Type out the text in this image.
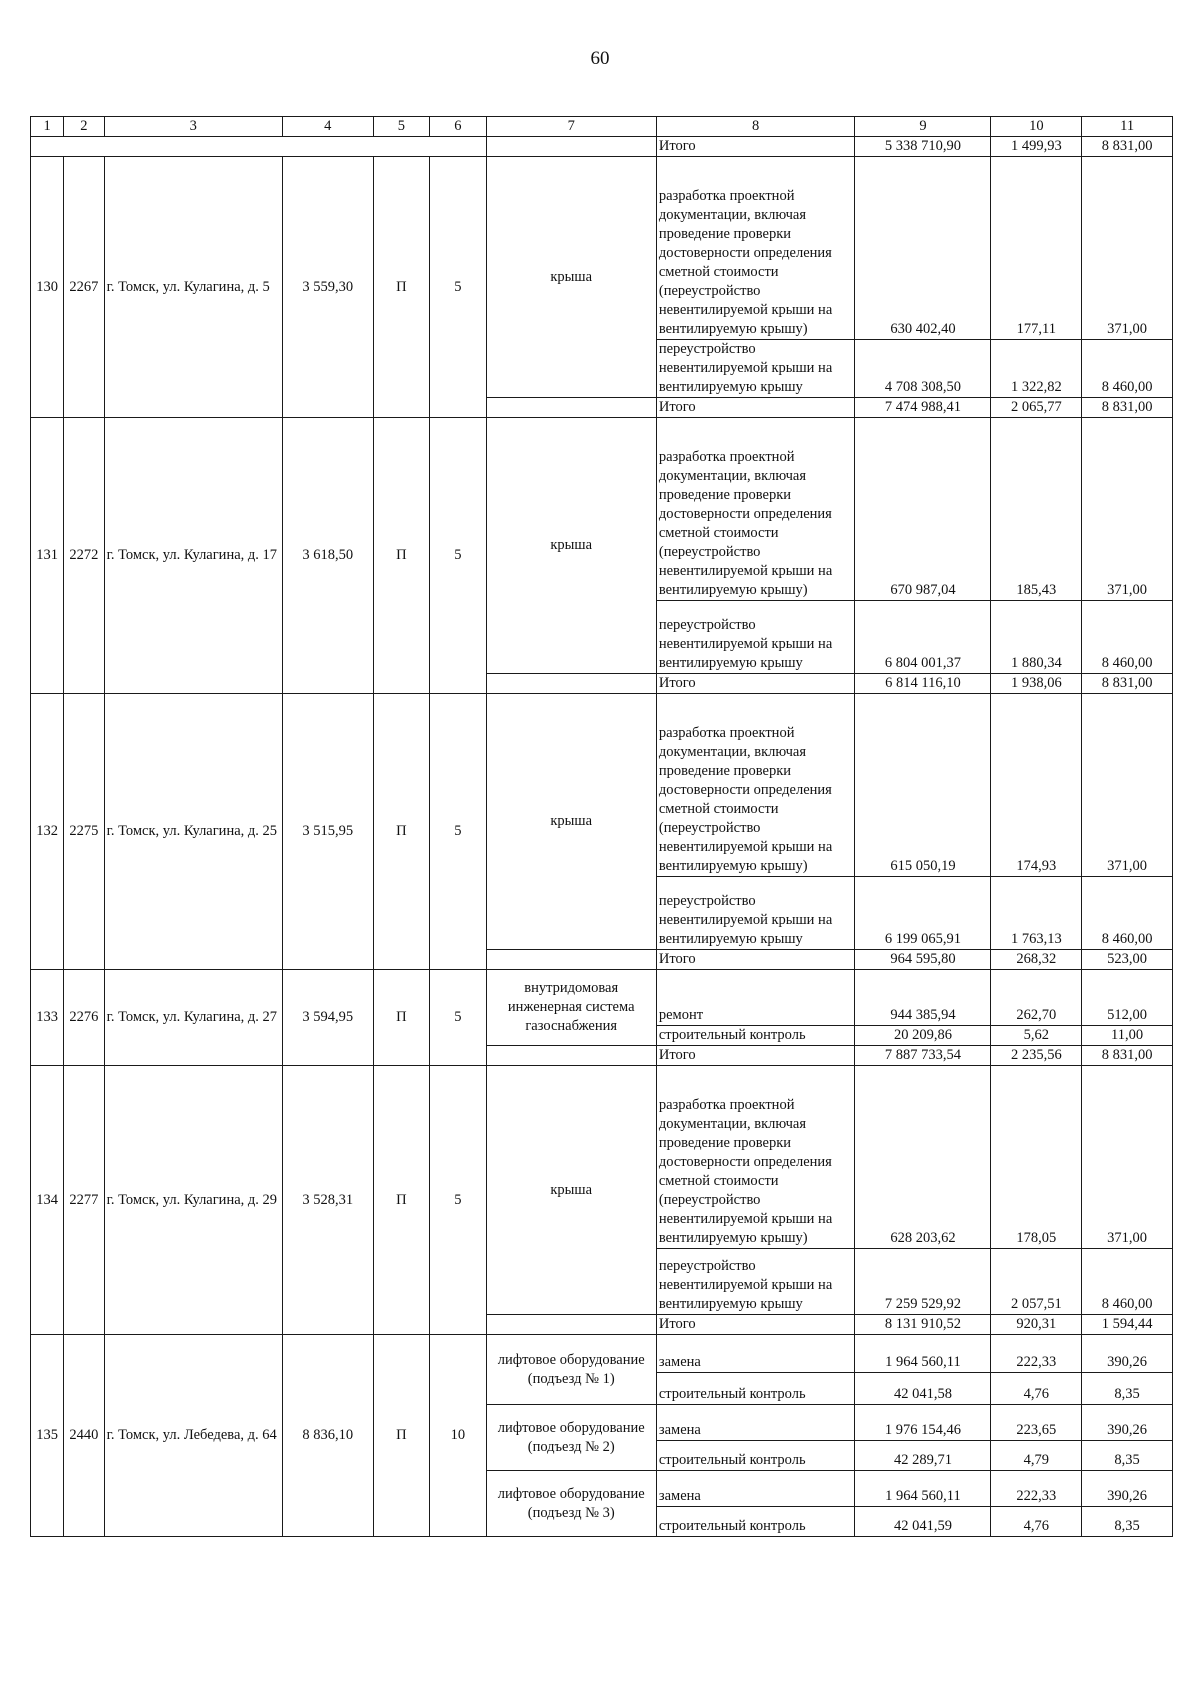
60
1	2	3	4	5	6	7	8	9	10	11
							Итого	5 338 710,90	1 499,93	8 831,00
130	2267	г. Томск, ул. Кулагина, д. 5	3 559,30	П	5	крыша	разработка проектной документации, включая проведение проверки достоверности определения сметной стоимости (переустройство невентилируемой крыши на вентилируемую крышу)	630 402,40	177,11	371,00
							переустройство невентилируемой крыши на вентилируемую крышу	4 708 308,50	1 322,82	8 460,00
							Итого	7 474 988,41	2 065,77	8 831,00
131	2272	г. Томск, ул. Кулагина, д. 17	3 618,50	П	5	крыша	разработка проектной документации, включая проведение проверки достоверности определения сметной стоимости (переустройство невентилируемой крыши на вентилируемую крышу)	670 987,04	185,43	371,00
							переустройство невентилируемой крыши на вентилируемую крышу	6 804 001,37	1 880,34	8 460,00
							Итого	6 814 116,10	1 938,06	8 831,00
132	2275	г. Томск, ул. Кулагина, д. 25	3 515,95	П	5	крыша	разработка проектной документации, включая проведение проверки достоверности определения сметной стоимости (переустройство невентилируемой крыши на вентилируемую крышу)	615 050,19	174,93	371,00
							переустройство невентилируемой крыши на вентилируемую крышу	6 199 065,91	1 763,13	8 460,00
							Итого	964 595,80	268,32	523,00
133	2276	г. Томск, ул. Кулагина, д. 27	3 594,95	П	5	внутридомовая инженерная система газоснабжения	ремонт	944 385,94	262,70	512,00
							строительный контроль	20 209,86	5,62	11,00
							Итого	7 887 733,54	2 235,56	8 831,00
134	2277	г. Томск, ул. Кулагина, д. 29	3 528,31	П	5	крыша	разработка проектной документации, включая проведение проверки достоверности определения сметной стоимости (переустройство невентилируемой крыши на вентилируемую крышу)	628 203,62	178,05	371,00
							переустройство невентилируемой крыши на вентилируемую крышу	7 259 529,92	2 057,51	8 460,00
							Итого	8 131 910,52	920,31	1 594,44
135	2440	г. Томск, ул. Лебедева, д. 64	8 836,10	П	10	лифтовое оборудование (подъезд № 1)	замена	1 964 560,11	222,33	390,26
							строительный контроль	42 041,58	4,76	8,35
						лифтовое оборудование (подъезд № 2)	замена	1 976 154,46	223,65	390,26
							строительный контроль	42 289,71	4,79	8,35
						лифтовое оборудование (подъезд № 3)	замена	1 964 560,11	222,33	390,26
							строительный контроль	42 041,59	4,76	8,35
